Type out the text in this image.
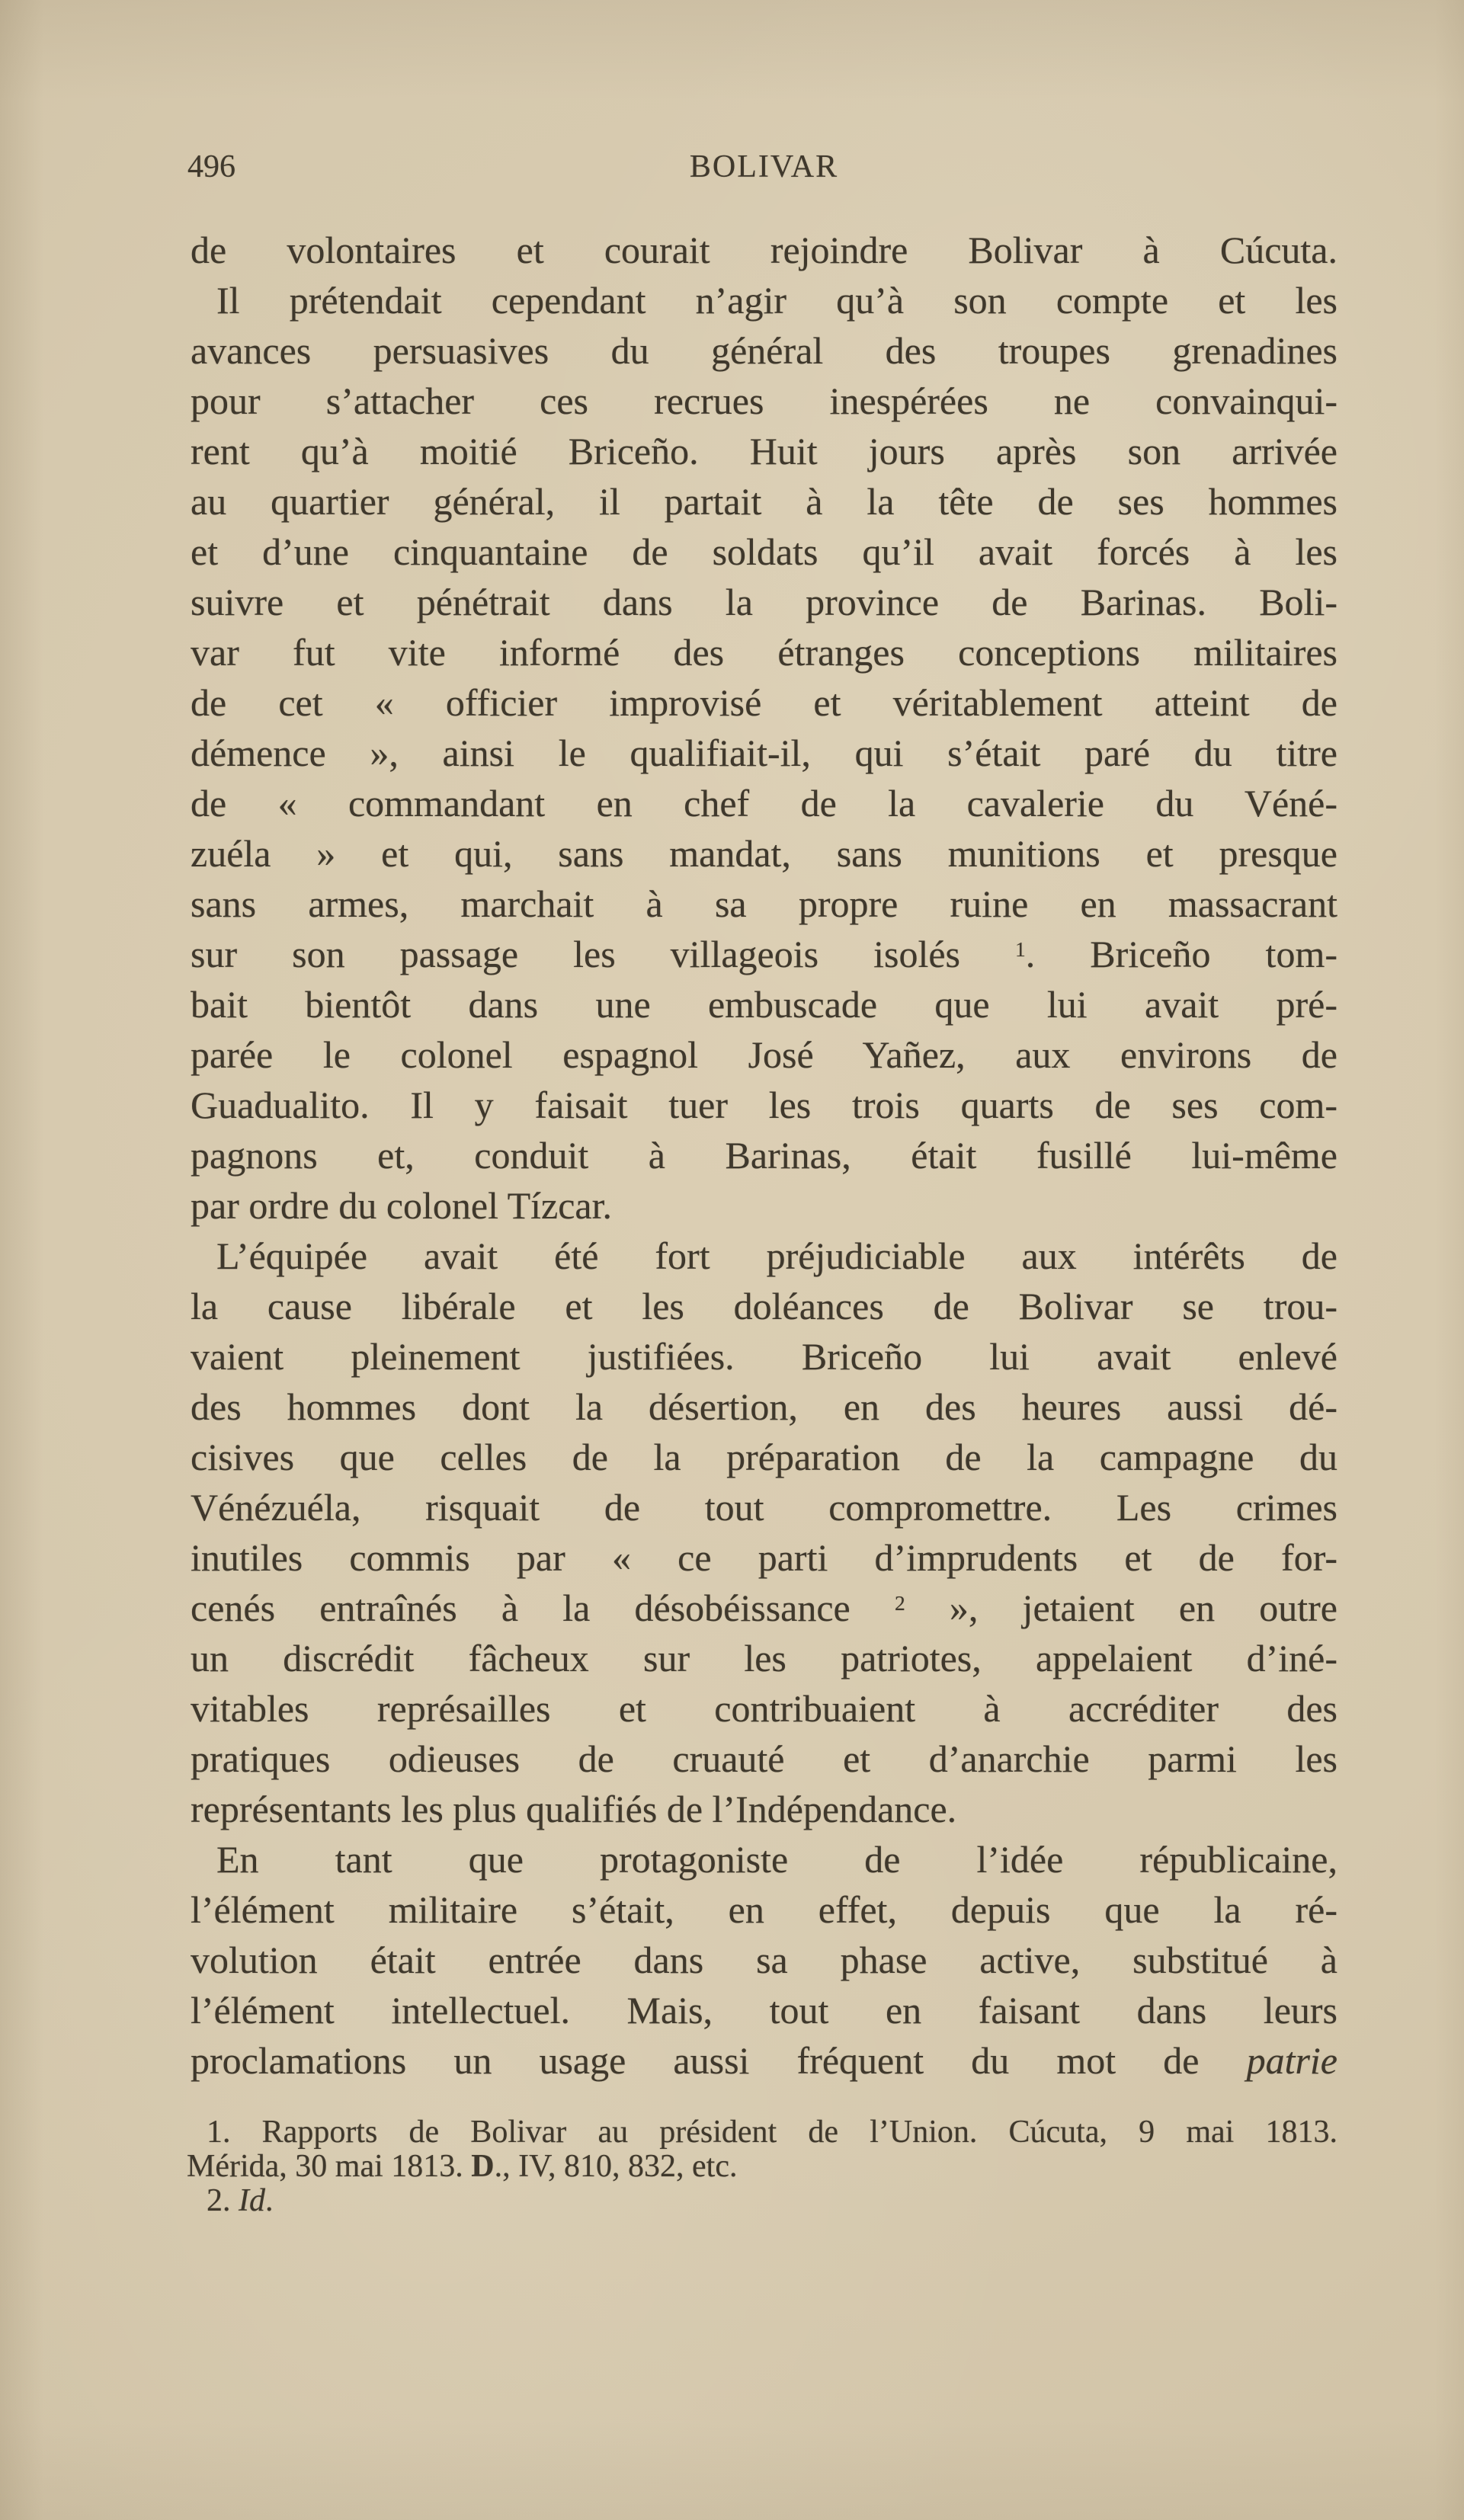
496	BOLIVAR
de volontaires et courait rejoindre Bolivar à Cúcuta.
Il prétendait cependant n’agir qu’à son compte et les
avances persuasives du général des troupes grenadines
pour s’attacher ces recrues inespérées ne convainqui-
rent qu’à moitié Briceño. Huit jours après son arrivée
au quartier général, il partait à la tête de ses hommes
et d’une cinquantaine de soldats qu’il avait forcés à les
suivre et pénétrait dans la province de Barinas. Boli-
var fut vite informé des étranges conceptions militaires
de cet « officier improvisé et véritablement atteint de
démence », ainsi le qualifiait-il, qui s’était paré du titre
de « commandant en chef de la cavalerie du Véné-
zuéla » et qui, sans mandat, sans munitions et presque
sans armes, marchait à sa propre ruine en massacrant
sur son passage les villageois isolés $^1$. Briceño tom-
bait bientôt dans une embuscade que lui avait pré-
parée le colonel espagnol José Yañez, aux environs de
Guadualito. Il y faisait tuer les trois quarts de ses com-
pagnons et, conduit à Barinas, était fusillé lui-même
par ordre du colonel Tízcar.
L’équipée avait été fort préjudiciable aux intérêts de
la cause libérale et les doléances de Bolivar se trou-
vaient pleinement justifiées. Briceño lui avait enlevé
des hommes dont la désertion, en des heures aussi dé-
cisives que celles de la préparation de la campagne du
Vénézuéla, risquait de tout compromettre. Les crimes
inutiles commis par « ce parti d’imprudents et de for-
cenés entraînés à la désobéissance $^2$ », jetaient en outre
un discrédit fâcheux sur les patriotes, appelaient d’iné-
vitables représailles et contribuaient à accréditer des
pratiques odieuses de cruauté et d’anarchie parmi les
représentants les plus qualifiés de l’Indépendance.
En tant que protagoniste de l’idée républicaine,
l’élément militaire s’était, en effet, depuis que la ré-
volution était entrée dans sa phase active, substitué à
l’élément intellectuel. Mais, tout en faisant dans leurs
proclamations un usage aussi fréquent du mot de patrie
1. Rapports de Bolivar au président de l’Union. Cúcuta, 9 mai 1813.
Mérida, 30 mai 1813. D., IV, 810, 832, etc.
2. Id.
